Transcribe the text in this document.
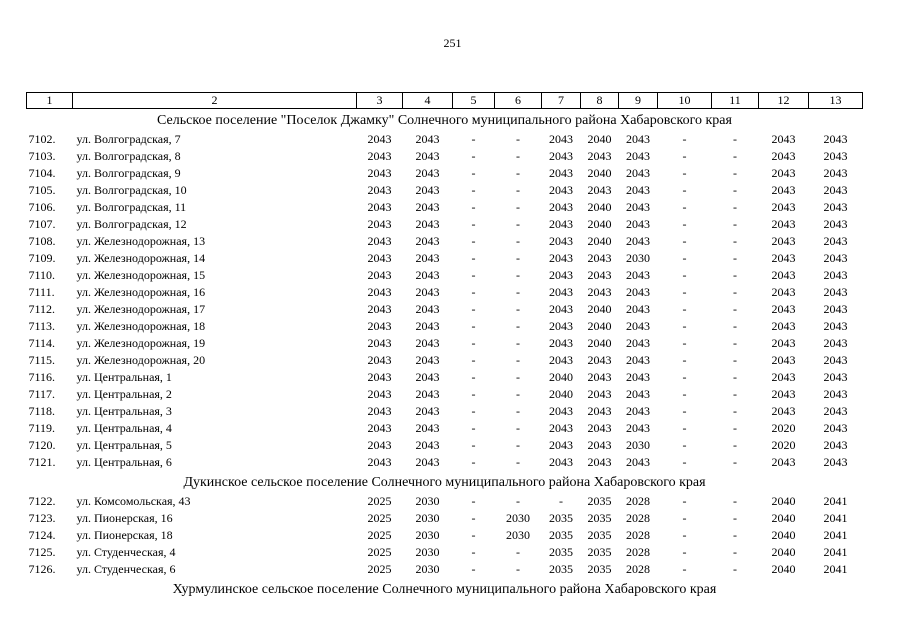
251
1	2	3	4	5	6	7	8	9	10	11	12	13
Сельское поселение "Поселок Джамку" Солнечного муниципального района Хабаровского края												
7102.	ул. Волгоградская, 7	2043	2043	-	-	2043	2040	2043	-	-	2043	2043
7103.	ул. Волгоградская, 8	2043	2043	-	-	2043	2043	2043	-	-	2043	2043
7104.	ул. Волгоградская, 9	2043	2043	-	-	2043	2040	2043	-	-	2043	2043
7105.	ул. Волгоградская, 10	2043	2043	-	-	2043	2043	2043	-	-	2043	2043
7106.	ул. Волгоградская, 11	2043	2043	-	-	2043	2040	2043	-	-	2043	2043
7107.	ул. Волгоградская, 12	2043	2043	-	-	2043	2040	2043	-	-	2043	2043
7108.	ул. Железнодорожная, 13	2043	2043	-	-	2043	2040	2043	-	-	2043	2043
7109.	ул. Железнодорожная, 14	2043	2043	-	-	2043	2043	2030	-	-	2043	2043
7110.	ул. Железнодорожная, 15	2043	2043	-	-	2043	2043	2043	-	-	2043	2043
7111.	ул. Железнодорожная, 16	2043	2043	-	-	2043	2043	2043	-	-	2043	2043
7112.	ул. Железнодорожная, 17	2043	2043	-	-	2043	2040	2043	-	-	2043	2043
7113.	ул. Железнодорожная, 18	2043	2043	-	-	2043	2040	2043	-	-	2043	2043
7114.	ул. Железнодорожная, 19	2043	2043	-	-	2043	2040	2043	-	-	2043	2043
7115.	ул. Железнодорожная, 20	2043	2043	-	-	2043	2043	2043	-	-	2043	2043
7116.	ул. Центральная, 1	2043	2043	-	-	2040	2043	2043	-	-	2043	2043
7117.	ул. Центральная, 2	2043	2043	-	-	2040	2043	2043	-	-	2043	2043
7118.	ул. Центральная, 3	2043	2043	-	-	2043	2043	2043	-	-	2043	2043
7119.	ул. Центральная, 4	2043	2043	-	-	2043	2043	2043	-	-	2020	2043
7120.	ул. Центральная, 5	2043	2043	-	-	2043	2043	2030	-	-	2020	2043
7121.	ул. Центральная, 6	2043	2043	-	-	2043	2043	2043	-	-	2043	2043
Дукинское сельское поселение Солнечного муниципального района Хабаровского края												
7122.	ул. Комсомольская, 43	2025	2030	-	-	-	2035	2028	-	-	2040	2041
7123.	ул. Пионерская, 16	2025	2030	-	2030	2035	2035	2028	-	-	2040	2041
7124.	ул. Пионерская, 18	2025	2030	-	2030	2035	2035	2028	-	-	2040	2041
7125.	ул. Студенческая, 4	2025	2030	-	-	2035	2035	2028	-	-	2040	2041
7126.	ул. Студенческая, 6	2025	2030	-	-	2035	2035	2028	-	-	2040	2041
Хурмулинское сельское поселение Солнечного муниципального района Хабаровского края												
